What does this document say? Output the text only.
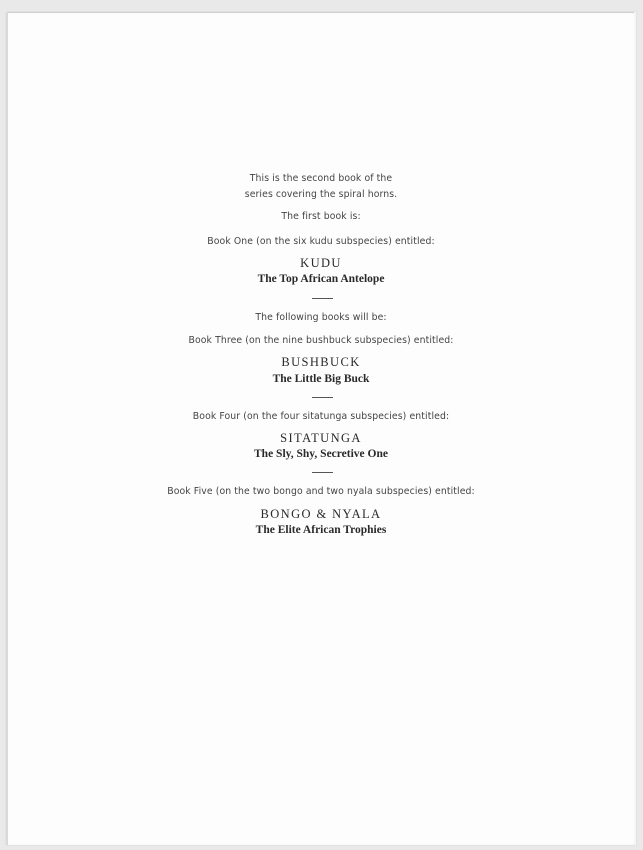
This is the second book of the
series covering the spiral horns.
The first book is:
Book One (on the six kudu subspecies) entitled:
KUDU
The Top African Antelope
The following books will be:
Book Three (on the nine bushbuck subspecies) entitled:
BUSHBUCK
The Little Big Buck
Book Four (on the four sitatunga subspecies) entitled:
SITATUNGA
The Sly, Shy, Secretive One
Book Five (on the two bongo and two nyala subspecies) entitled:
BONGO & NYALA
The Elite African Trophies
